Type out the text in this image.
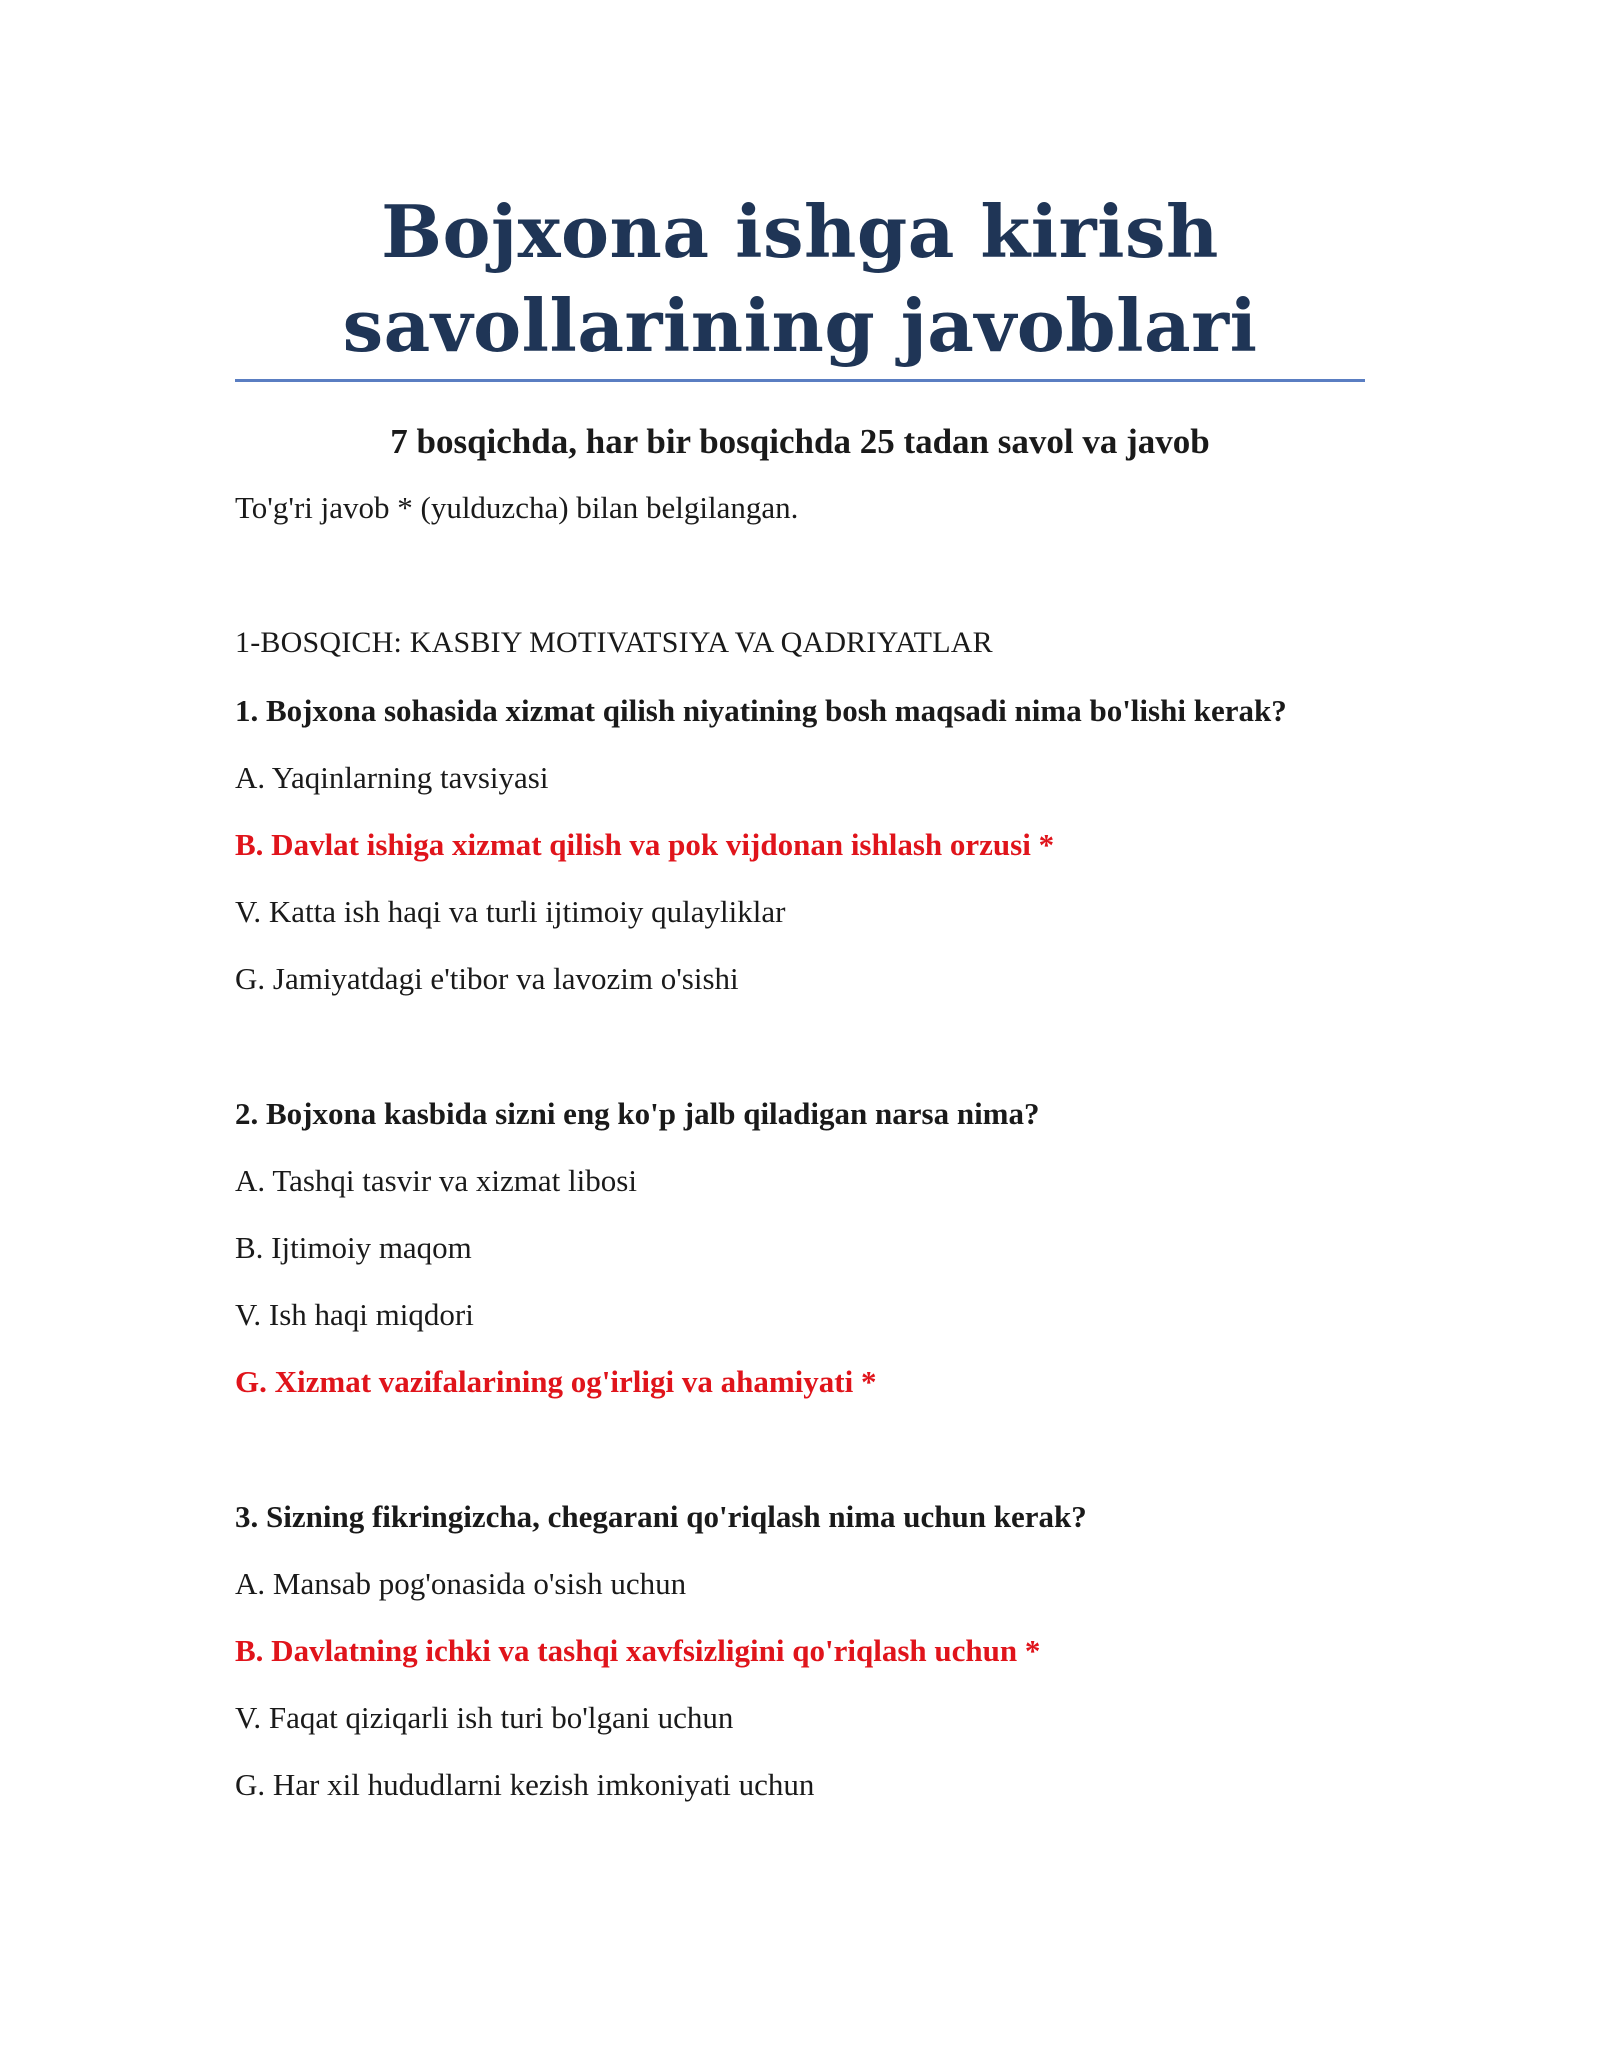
Bojxona ishga kirish
savollarining javoblari

7 bosqichda, har bir bosqichda 25 tadan savol va javob

To'g'ri javob * (yulduzcha) bilan belgilangan.

1-BOSQICH: KASBIY MOTIVATSIYA VA QADRIYATLAR

1. Bojxona sohasida xizmat qilish niyatining bosh maqsadi nima bo'lishi kerak?

A. Yaqinlarning tavsiyasi

B. Davlat ishiga xizmat qilish va pok vijdonan ishlash orzusi *

V. Katta ish haqi va turli ijtimoiy qulayliklar

G. Jamiyatdagi e'tibor va lavozim o'sishi

2. Bojxona kasbida sizni eng ko'p jalb qiladigan narsa nima?

A. Tashqi tasvir va xizmat libosi

B. Ijtimoiy maqom

V. Ish haqi miqdori

G. Xizmat vazifalarining og'irligi va ahamiyati *

3. Sizning fikringizcha, chegarani qo'riqlash nima uchun kerak?

A. Mansab pog'onasida o'sish uchun

B. Davlatning ichki va tashqi xavfsizligini qo'riqlash uchun *

V. Faqat qiziqarli ish turi bo'lgani uchun

G. Har xil hududlarni kezish imkoniyati uchun
